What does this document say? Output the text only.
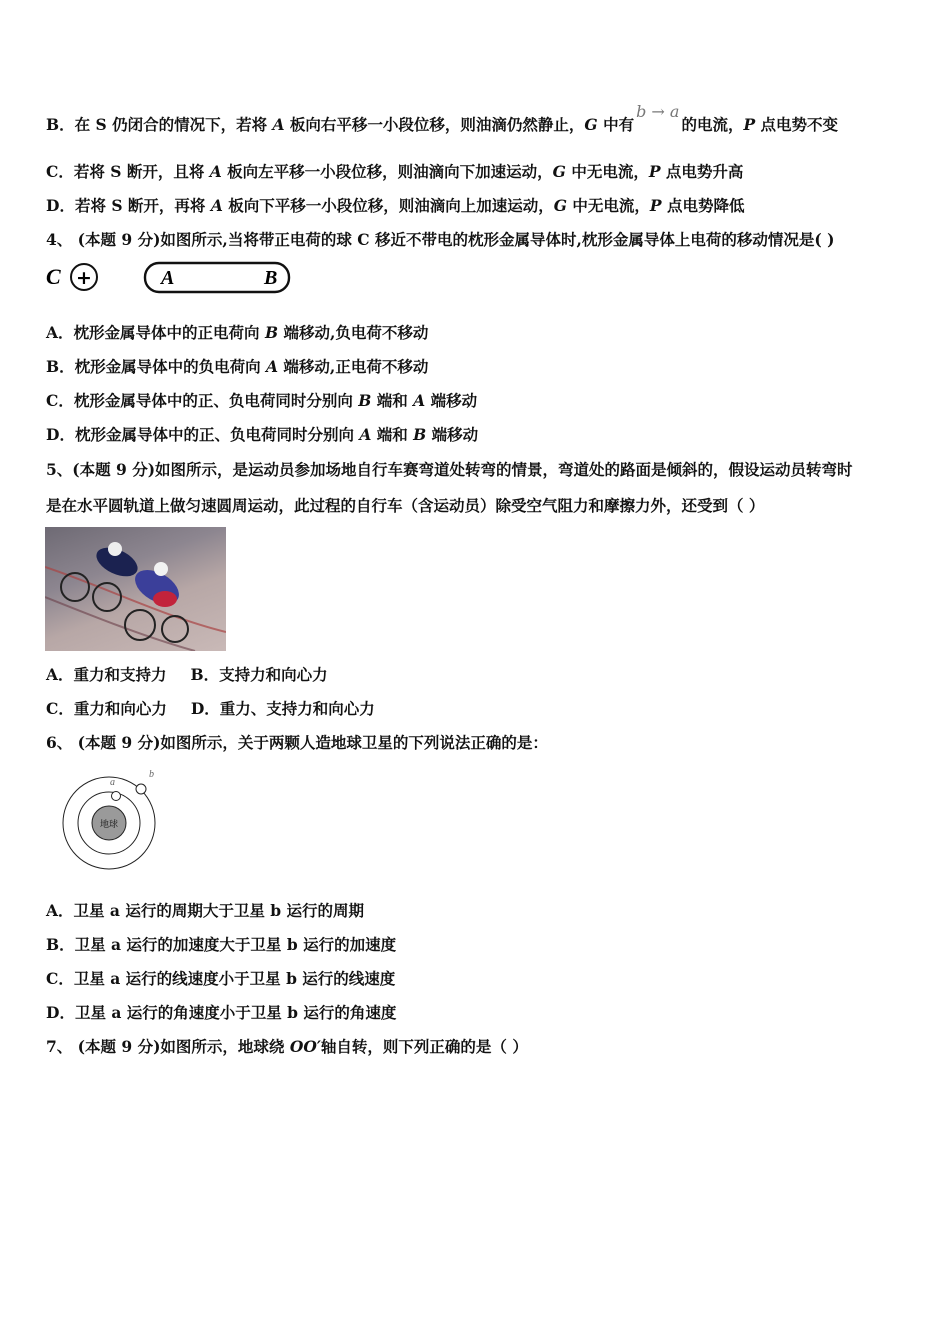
B．在 S 仍闭合的情况下，若将 A 板向右平移一小段位移，则油滴仍然静止，G 中有b → a的电流，P 点电势不变
C．若将 S 断开，且将 A 板向左平移一小段位移，则油滴向下加速运动，G 中无电流，P 点电势升高
D．若将 S 断开，再将 A 板向下平移一小段位移，则油滴向上加速运动，G 中无电流，P 点电势降低
4、 (本题 9 分)如图所示,当将带正电荷的球 C 移近不带电的枕形金属导体时,枕形金属导体上电荷的移动情况是( )
C +	A	B
A．枕形金属导体中的正电荷向 B 端移动,负电荷不移动
B．枕形金属导体中的负电荷向 A 端移动,正电荷不移动
C．枕形金属导体中的正、负电荷同时分别向 B 端和 A 端移动
D．枕形金属导体中的正、负电荷同时分别向 A 端和 B 端移动
5、(本题 9 分)如图所示，是运动员参加场地自行车赛弯道处转弯的情景，弯道处的路面是倾斜的，假设运动员转弯时
是在水平圆轨道上做匀速圆周运动，此过程的自行车（含运动员）除受空气阻力和摩擦力外，还受到（ ）
A．重力和支持力 B．支持力和向心力
C．重力和向心力 D．重力、支持力和向心力
6、 (本题 9 分)如图所示，关于两颗人造地球卫星的下列说法正确的是：
地球
a
b
A．卫星 a 运行的周期大于卫星 b 运行的周期
B．卫星 a 运行的加速度大于卫星 b 运行的加速度
C．卫星 a 运行的线速度小于卫星 b 运行的线速度
D．卫星 a 运行的角速度小于卫星 b 运行的角速度
7、 (本题 9 分)如图所示，地球绕 OO′轴自转，则下列正确的是（ ）
